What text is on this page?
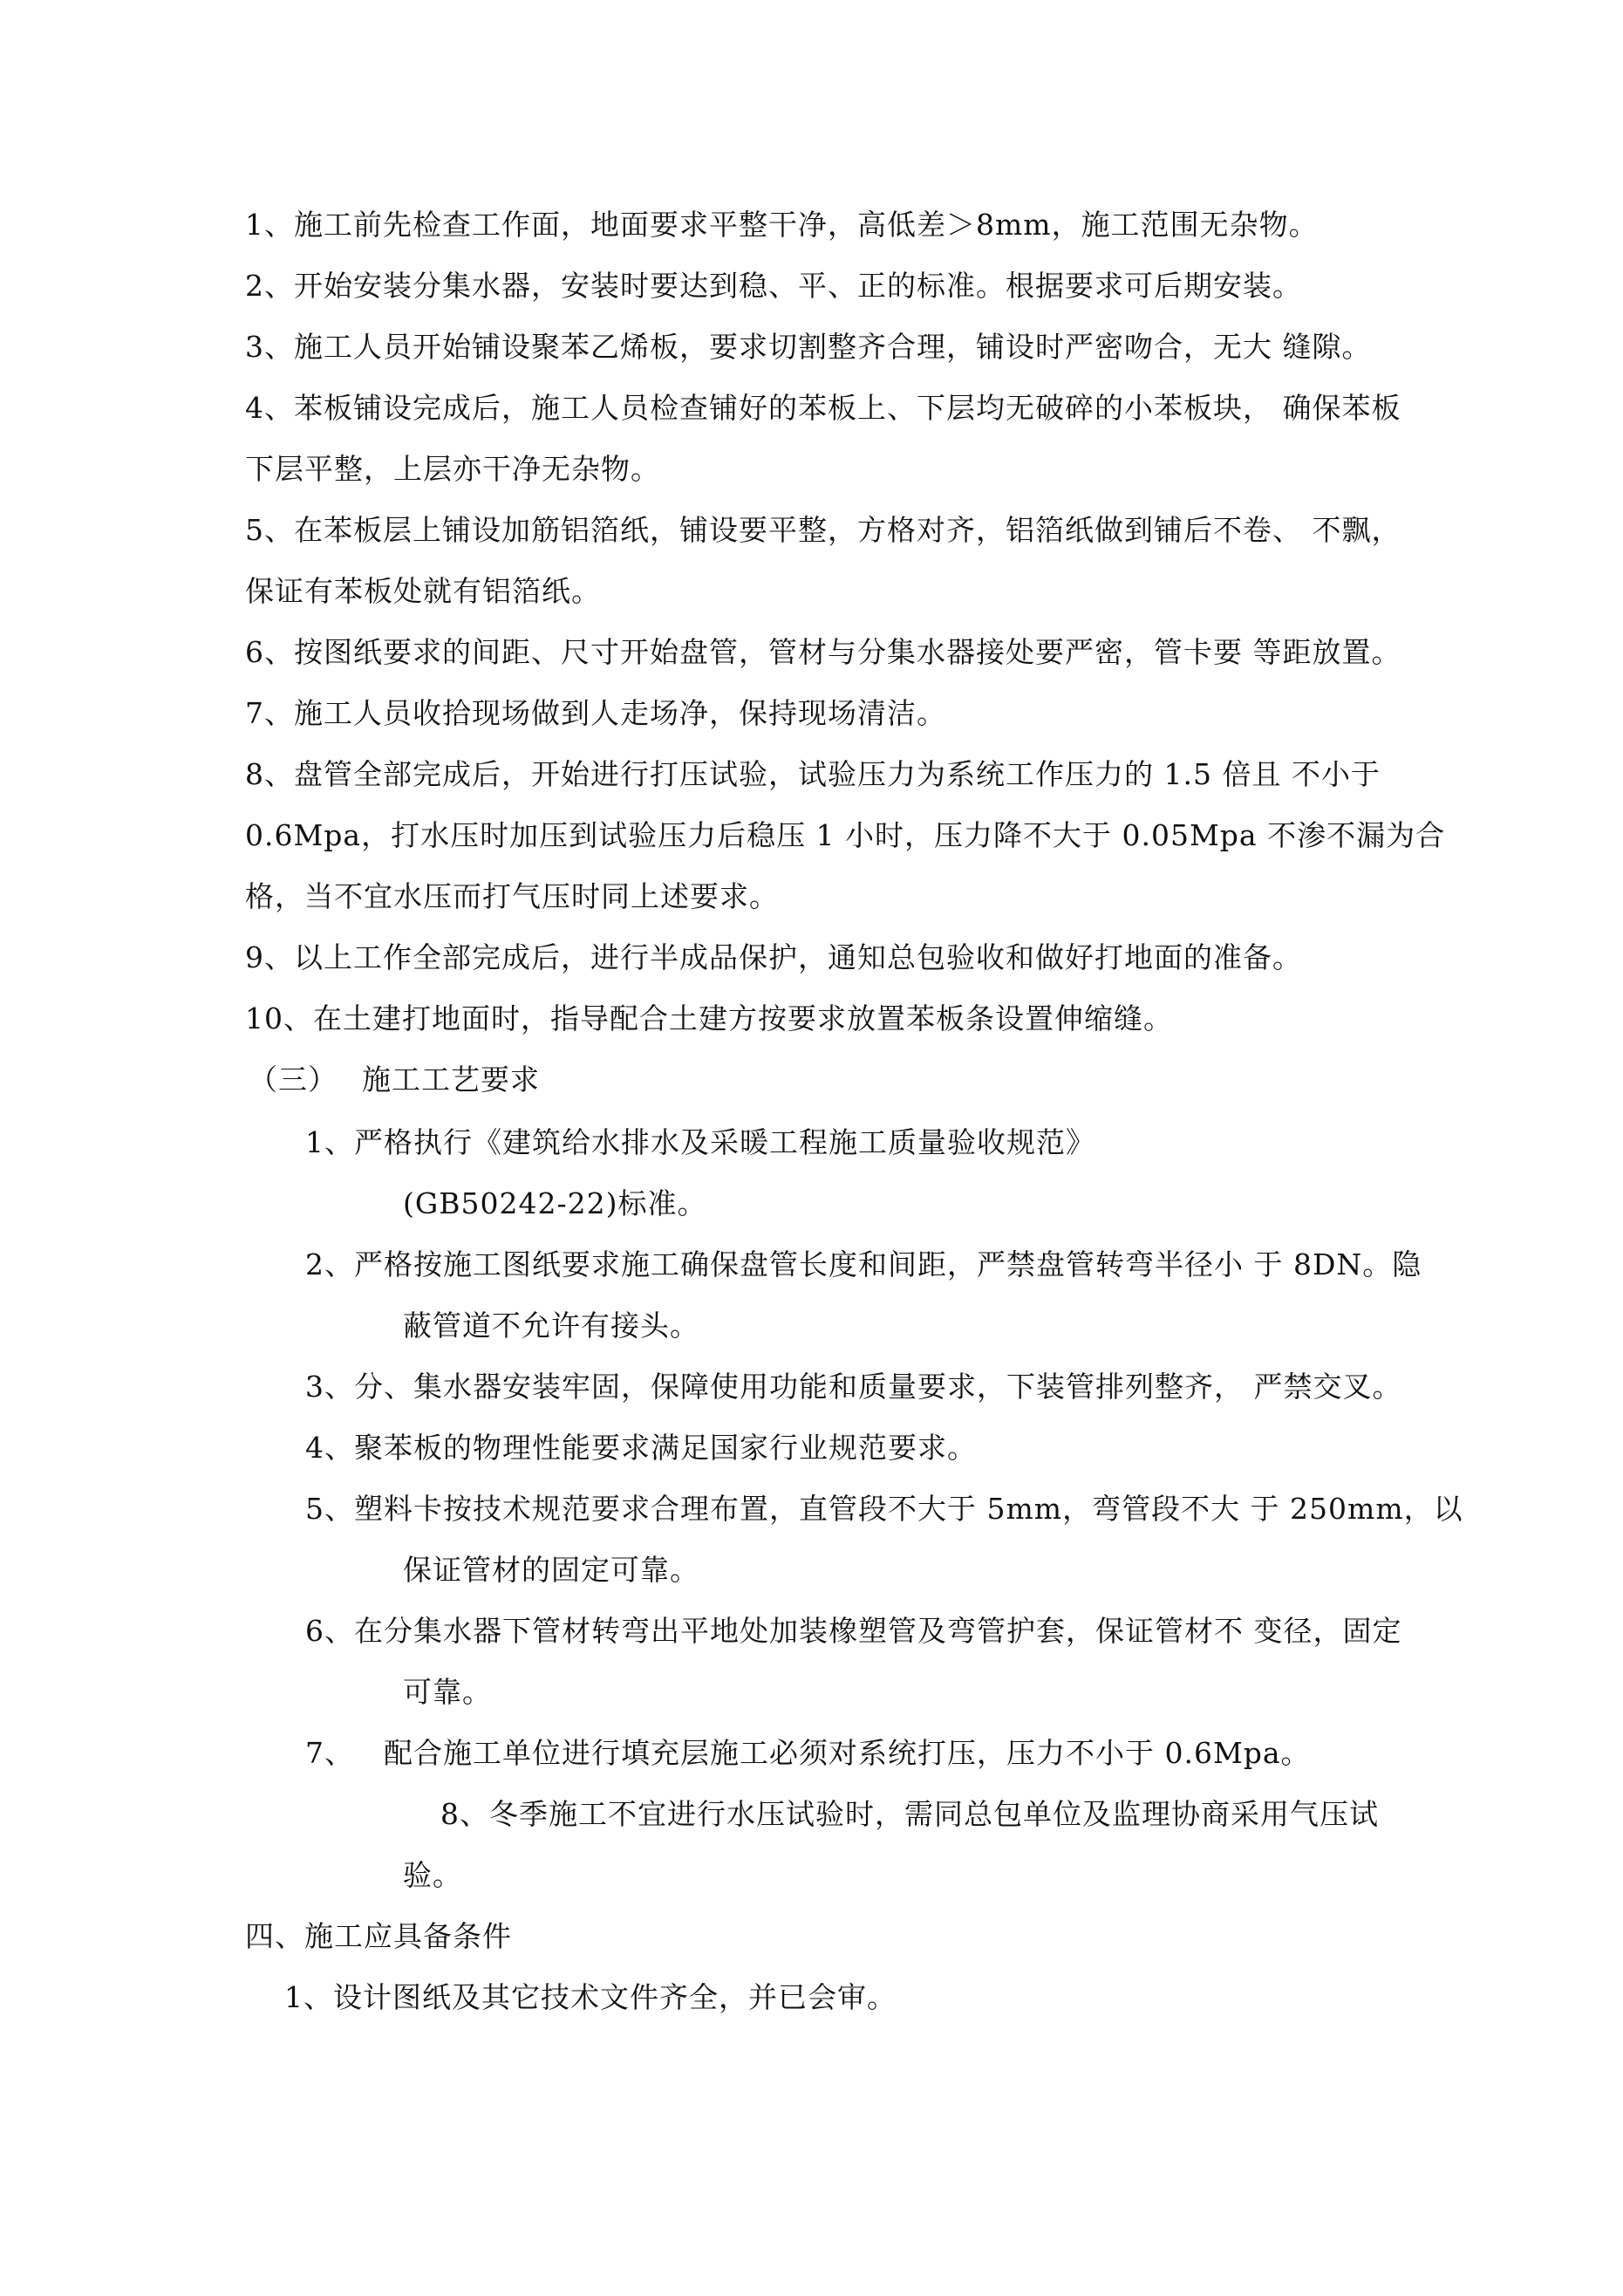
1、施工前先检查工作面，地面要求平整干净，高低差＞8mm，施工范围无杂物。
2、开始安装分集水器，安装时要达到稳、平、正的标准。根据要求可后期安装。
3、施工人员开始铺设聚苯乙烯板，要求切割整齐合理，铺设时严密吻合，无大 缝隙。
4、苯板铺设完成后，施工人员检查铺好的苯板上、下层均无破碎的小苯板块， 确保苯板
下层平整，上层亦干净无杂物。
5、在苯板层上铺设加筋铝箔纸，铺设要平整，方格对齐，铝箔纸做到铺后不卷、 不飘，
保证有苯板处就有铝箔纸。
6、按图纸要求的间距、尺寸开始盘管，管材与分集水器接处要严密，管卡要 等距放置。
7、施工人员收拾现场做到人走场净，保持现场清洁。
8、盘管全部完成后，开始进行打压试验，试验压力为系统工作压力的 1.5 倍且 不小于
0.6Mpa，打水压时加压到试验压力后稳压 1 小时，压力降不大于 0.05Mpa 不渗不漏为合
格，当不宜水压而打气压时同上述要求。
9、以上工作全部完成后，进行半成品保护，通知总包验收和做好打地面的准备。
10、在土建打地面时，指导配合土建方按要求放置苯板条设置伸缩缝。
（三） 施工工艺要求
1、严格执行《建筑给水排水及采暖工程施工质量验收规范》
(GB50242-22)标准。
2、严格按施工图纸要求施工确保盘管长度和间距，严禁盘管转弯半径小 于 8DN。隐
蔽管道不允许有接头。
3、分、集水器安装牢固，保障使用功能和质量要求，下装管排列整齐， 严禁交叉。
4、聚苯板的物理性能要求满足国家行业规范要求。
5、塑料卡按技术规范要求合理布置，直管段不大于 5mm，弯管段不大 于 250mm，以
保证管材的固定可靠。
6、在分集水器下管材转弯出平地处加装橡塑管及弯管护套，保证管材不 变径，固定
可靠。
7、 配合施工单位进行填充层施工必须对系统打压，压力不小于 0.6Mpa。
8、冬季施工不宜进行水压试验时，需同总包单位及监理协商采用气压试
验。
四、施工应具备条件
1、设计图纸及其它技术文件齐全，并已会审。
